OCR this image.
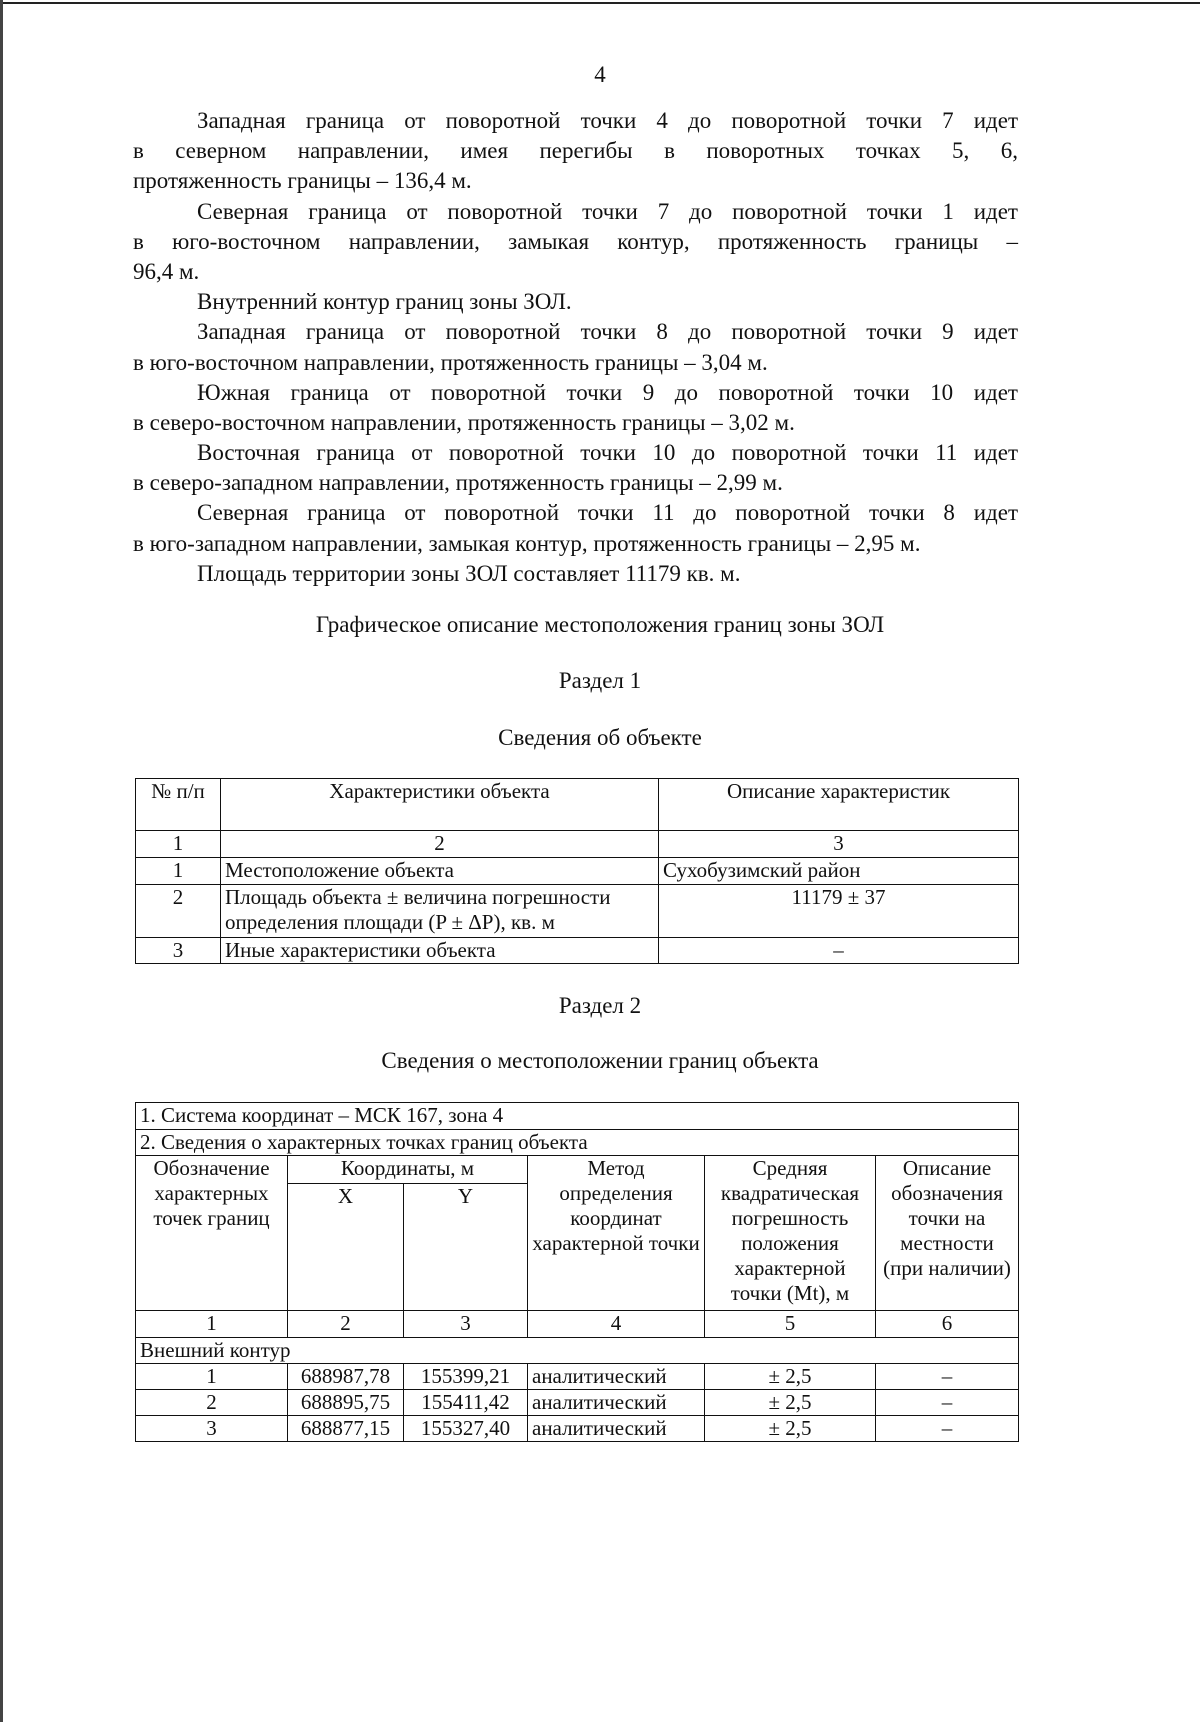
4
Западная граница от поворотной точки 4 до поворотной точки 7 идет
в северном направлении, имея перегибы в поворотных точках 5, 6,
протяженность границы – 136,4 м.
Северная граница от поворотной точки 7 до поворотной точки 1 идет
в юго-восточном направлении, замыкая контур, протяженность границы –
96,4 м.
Внутренний контур границ зоны ЗОЛ.
Западная граница от поворотной точки 8 до поворотной точки 9 идет
в юго-восточном направлении, протяженность границы – 3,04 м.
Южная граница от поворотной точки 9 до поворотной точки 10 идет
в северо-восточном направлении, протяженность границы – 3,02 м.
Восточная граница от поворотной точки 10 до поворотной точки 11 идет
в северо-западном направлении, протяженность границы – 2,99 м.
Северная граница от поворотной точки 11 до поворотной точки 8 идет
в юго-западном направлении, замыкая контур, протяженность границы – 2,95 м.
Площадь территории зоны ЗОЛ составляет 11179 кв. м.
Графическое описание местоположения границ зоны ЗОЛ
Раздел 1
Сведения об объекте
№ п/п	Характеристики объекта	Описание характеристик
1	2	3
1	Местоположение объекта	Сухобузимский район
2	Площадь объекта ± величина погрешности определения площади (P ± ΔP), кв. м	11179 ± 37
3	Иные характеристики объекта	–
Раздел 2
Сведения о местоположении границ объекта
1. Система координат – МСК 167, зона 4					
2. Сведения о характерных точках границ объекта					
Обозначение характерных точек границ	Координаты, м		Метод определения координат характерной точки	Средняя квадратическая погрешность положения характерной точки (Mt), м	Описание обозначения точки на местности (при наличии)
	X	Y			
1	2	3	4	5	6
Внешний контур					
1	688987,78	155399,21	аналитический	± 2,5	–
2	688895,75	155411,42	аналитический	± 2,5	–
3	688877,15	155327,40	аналитический	± 2,5	–
